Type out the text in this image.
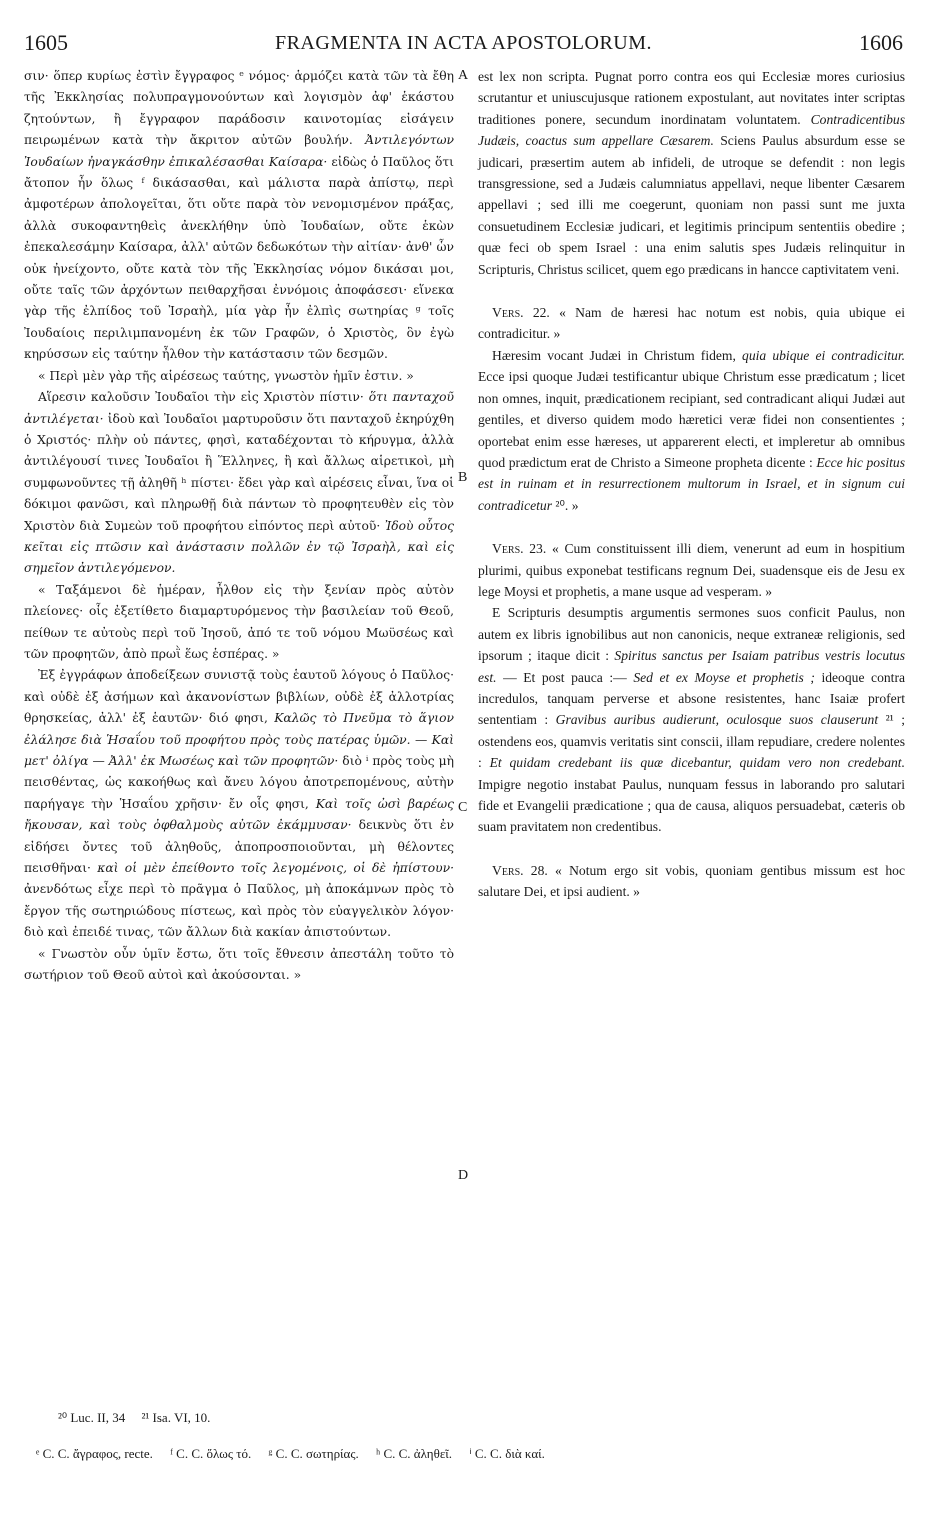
1605	FRAGMENTA IN ACTA APOSTOLORUM.	1606
A
B
C
D

σιν· ὅπερ κυρίως ἐστὶν ἔγγραφος ᵉ νόμος· ἁρμόζει κατὰ τῶν τὰ ἔθη τῆς Ἐκκλησίας πολυπραγμονούντων καὶ λογισμὸν ἀφ' ἑκάστου ζητούντων, ἢ ἔγγραφον παράδοσιν καινοτομίας εἰσάγειν πειρωμένων κατὰ τὴν ἄκριτον αὐτῶν βουλήν. Ἀντιλεγόντων Ἰουδαίων ἠναγκάσθην ἐπικαλέσασθαι Καίσαρα· εἰδὼς ὁ Παῦλος ὅτι ἄτοπον ἦν ὅλως ᶠ δικάσασθαι, καὶ μάλιστα παρὰ ἀπίστῳ, περὶ ἀμφοτέρων ἀπολογεῖται, ὅτι οὔτε παρὰ τὸν νενομισμένον πράξας, ἀλλὰ συκοφαντηθεὶς ἀνεκλήθην ὑπὸ Ἰουδαίων, οὔτε ἑκὼν ἐπεκαλεσάμην Καίσαρα, ἀλλ' αὐτῶν δεδωκότων τὴν αἰτίαν· ἀνθ' ὧν οὐκ ἠνείχοντο, οὔτε κατὰ τὸν τῆς Ἐκκλησίας νόμον δικάσαι μοι, οὔτε ταῖς τῶν ἀρχόντων πειθαρχῆσαι ἐννόμοις ἀποφάσεσι· εἵνεκα γὰρ τῆς ἐλπίδος τοῦ Ἰσραὴλ, μία γὰρ ἦν ἐλπὶς σωτηρίας ᵍ τοῖς Ἰουδαίοις περιλιμπανομένη ἐκ τῶν Γραφῶν, ὁ Χριστὸς, ὃν ἐγὼ κηρύσσων εἰς ταύτην ἦλθον τὴν κατάστασιν τῶν δεσμῶν.

« Περὶ μὲν γὰρ τῆς αἱρέσεως ταύτης, γνωστὸν ἡμῖν ἐστιν. »

Αἵρεσιν καλοῦσιν Ἰουδαῖοι τὴν εἰς Χριστὸν πίστιν· ὅτι πανταχοῦ ἀντιλέγεται· ἰδοὺ καὶ Ἰουδαῖοι μαρτυροῦσιν ὅτι πανταχοῦ ἐκηρύχθη ὁ Χριστός· πλὴν οὐ πάντες, φησὶ, καταδέχονται τὸ κήρυγμα, ἀλλὰ ἀντιλέγουσί τινες Ἰουδαῖοι ἢ Ἕλληνες, ἢ καὶ ἄλλως αἱρετικοὶ, μὴ συμφωνοῦντες τῇ ἀληθῆ ʰ πίστει· ἔδει γὰρ καὶ αἱρέσεις εἶναι, ἵνα οἱ δόκιμοι φανῶσι, καὶ πληρωθῇ διὰ πάντων τὸ προφητευθὲν εἰς τὸν Χριστὸν διὰ Συμεὼν τοῦ προφήτου εἰπόντος περὶ αὐτοῦ· Ἰδοὺ οὗτος κεῖται εἰς πτῶσιν καὶ ἀνάστασιν πολλῶν ἐν τῷ Ἰσραὴλ, καὶ εἰς σημεῖον ἀντιλεγόμενον.

« Ταξάμενοι δὲ ἡμέραν, ἦλθον εἰς τὴν ξενίαν πρὸς αὐτὸν πλείονες· οἷς ἐξετίθετο διαμαρτυρόμενος τὴν βασιλείαν τοῦ Θεοῦ, πείθων τε αὐτοὺς περὶ τοῦ Ἰησοῦ, ἀπό τε τοῦ νόμου Μωϋσέως καὶ τῶν προφητῶν, ἀπὸ πρωῒ ἕως ἑσπέρας. »

Ἐξ ἐγγράφων ἀποδείξεων συνιστᾷ τοὺς ἑαυτοῦ λόγους ὁ Παῦλος· καὶ οὐδὲ ἐξ ἀσήμων καὶ ἀκανονίστων βιβλίων, οὐδὲ ἐξ ἀλλοτρίας θρησκείας, ἀλλ' ἐξ ἑαυτῶν· διό φησι, Καλῶς τὸ Πνεῦμα τὸ ἅγιον ἐλάλησε διὰ Ἡσαΐου τοῦ προφήτου πρὸς τοὺς πατέρας ὑμῶν. — Καὶ μετ' ὀλίγα — Ἀλλ' ἐκ Μωσέως καὶ τῶν προφητῶν· διὸ ⁱ πρὸς τοὺς μὴ πεισθέντας, ὡς κακοήθως καὶ ἄνευ λόγου ἀποτρεπομένους, αὐτὴν παρήγαγε τὴν Ἡσαΐου χρῆσιν· ἔν οἷς φησι, Καὶ τοῖς ὠσὶ βαρέως ἤκουσαν, καὶ τοὺς ὀφθαλμοὺς αὐτῶν ἐκάμμυσαν· δεικνὺς ὅτι ἐν εἰδήσει ὄντες τοῦ ἀληθοῦς, ἀποπροσποιοῦνται, μὴ θέλοντες πεισθῆναι· καὶ οἱ μὲν ἐπείθοντο τοῖς λεγομένοις, οἱ δὲ ἠπίστουν· ἀνενδότως εἶχε περὶ τὸ πρᾶγμα ὁ Παῦλος, μὴ ἀποκάμνων πρὸς τὸ ἔργον τῆς σωτηριώδους πίστεως, καὶ πρὸς τὸν εὐαγγελικὸν λόγον· διὸ καὶ ἐπειδέ τινας, τῶν ἄλλων διὰ κακίαν ἀπιστούντων.

« Γνωστὸν οὖν ὑμῖν ἔστω, ὅτι τοῖς ἔθνεσιν ἀπεστάλη τοῦτο τὸ σωτήριον τοῦ Θεοῦ αὐτοὶ καὶ ἀκούσονται. »

est lex non scripta. Pugnat porro contra eos qui Ecclesiæ mores curiosius scrutantur et uniuscujusque rationem expostulant, aut novitates inter scriptas traditiones ponere, secundum inordinatam voluntatem. Contradicentibus Judæis, coactus sum appellare Cæsarem. Sciens Paulus absurdum esse se judicari, præsertim autem ab infideli, de utroque se defendit : non legis transgressione, sed a Judæis calumniatus appellavi, neque libenter Cæsarem appellavi ; sed illi me coegerunt, quoniam non passi sunt me juxta consuetudinem Ecclesiæ judicari, et legitimis principum sententiis obedire ; quæ feci ob spem Israel : una enim salutis spes Judæis relinquitur in Scripturis, Christus scilicet, quem ego prædicans in hancce captivitatem veni.

Vers. 22. « Nam de hæresi hac notum est nobis, quia ubique ei contradicitur. »

Hæresim vocant Judæi in Christum fidem, quia ubique ei contradicitur. Ecce ipsi quoque Judæi testificantur ubique Christum esse prædicatum ; licet non omnes, inquit, prædicationem recipiant, sed contradicant aliqui Judæi aut gentiles, et diverso quidem modo hæretici veræ fidei non consentientes ; oportebat enim esse hæreses, ut apparerent electi, et impleretur ab omnibus quod prædictum erat de Christo a Simeone propheta dicente : Ecce hic positus est in ruinam et in resurrectionem multorum in Israel, et in signum cui contradicetur ²⁰. »

Vers. 23. « Cum constituissent illi diem, venerunt ad eum in hospitium plurimi, quibus exponebat testificans regnum Dei, suadensque eis de Jesu ex lege Moysi et prophetis, a mane usque ad vesperam. »

E Scripturis desumptis argumentis sermones suos conficit Paulus, non autem ex libris ignobilibus aut non canonicis, neque extraneæ religionis, sed ipsorum ; itaque dicit : Spiritus sanctus per Isaiam patribus vestris locutus est. — Et post pauca :— Sed et ex Moyse et prophetis ; ideoque contra incredulos, tanquam perverse et absone resistentes, hanc Isaiæ profert sententiam : Gravibus auribus audierunt, oculosque suos clauserunt ²¹ ; ostendens eos, quamvis veritatis sint conscii, illam repudiare, credere nolentes : Et quidam credebant iis quæ dicebantur, quidam vero non credebant. Impigre negotio instabat Paulus, nunquam fessus in laborando pro salutari fide et Evangelii prædicatione ; qua de causa, aliquos persuadebat, cæteris ob suam pravitatem non credentibus.

Vers. 28. « Notum ergo sit vobis, quoniam gentibus missum est hoc salutare Dei, et ipsi audient. »

²⁰ Luc. II, 34 ²¹ Isa. VI, 10.
ᵉ C. C. ἄγραφος, recte. ᶠ C. C. ὅλως τό. ᵍ C. C. σωτηρίας. ʰ C. C. ἀληθεῖ. ⁱ C. C. διὰ καί.
